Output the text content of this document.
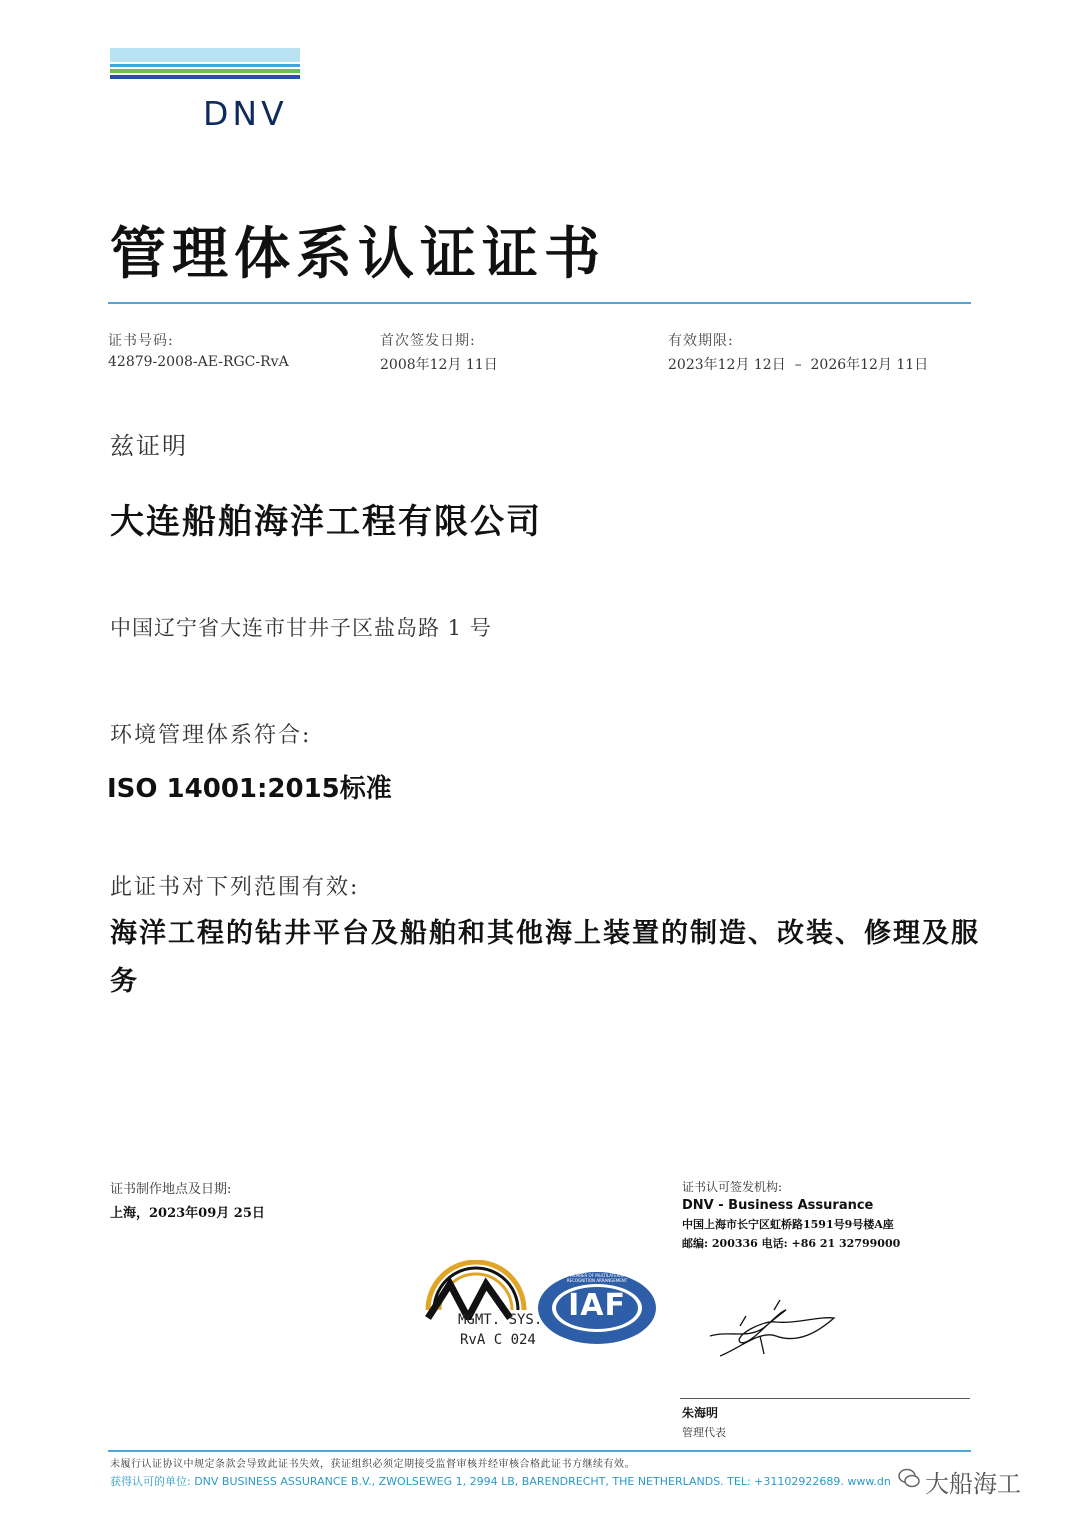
DNV
管理体系认证证书
证书号码:
42879-2008-AE-RGC-RvA
首次签发日期:
2008年12月 11日
有效期限:
2023年12月 12日  –  2026年12月 11日
兹证明
大连船舶海洋工程有限公司
中国辽宁省大连市甘井子区盐岛路 1 号
环境管理体系符合:
ISO 14001:2015标准
此证书对下列范围有效:
海洋工程的钻井平台及船舶和其他海上装置的制造、改装、修理及服务
证书制作地点及日期:
上海，2023年09月 25日
证书认可签发机构:
DNV - Business Assurance
中国上海市长宁区虹桥路1591号9号楼A座
邮编: 200336 电话: +86 21 32799000
MGMT. SYS.
RvA C 024
IAF
MEMBER OF MULTILATERAL RECOGNITION ARRANGEMENT
朱海明
管理代表
未履行认证协议中规定条款会导致此证书失效，获证组织必须定期接受监督审核并经审核合格此证书方继续有效。
获得认可的单位: DNV BUSINESS ASSURANCE B.V., ZWOLSEWEG 1, 2994 LB, BARENDRECHT, THE NETHERLANDS. TEL: +31102922689. www.dn 大船海工
